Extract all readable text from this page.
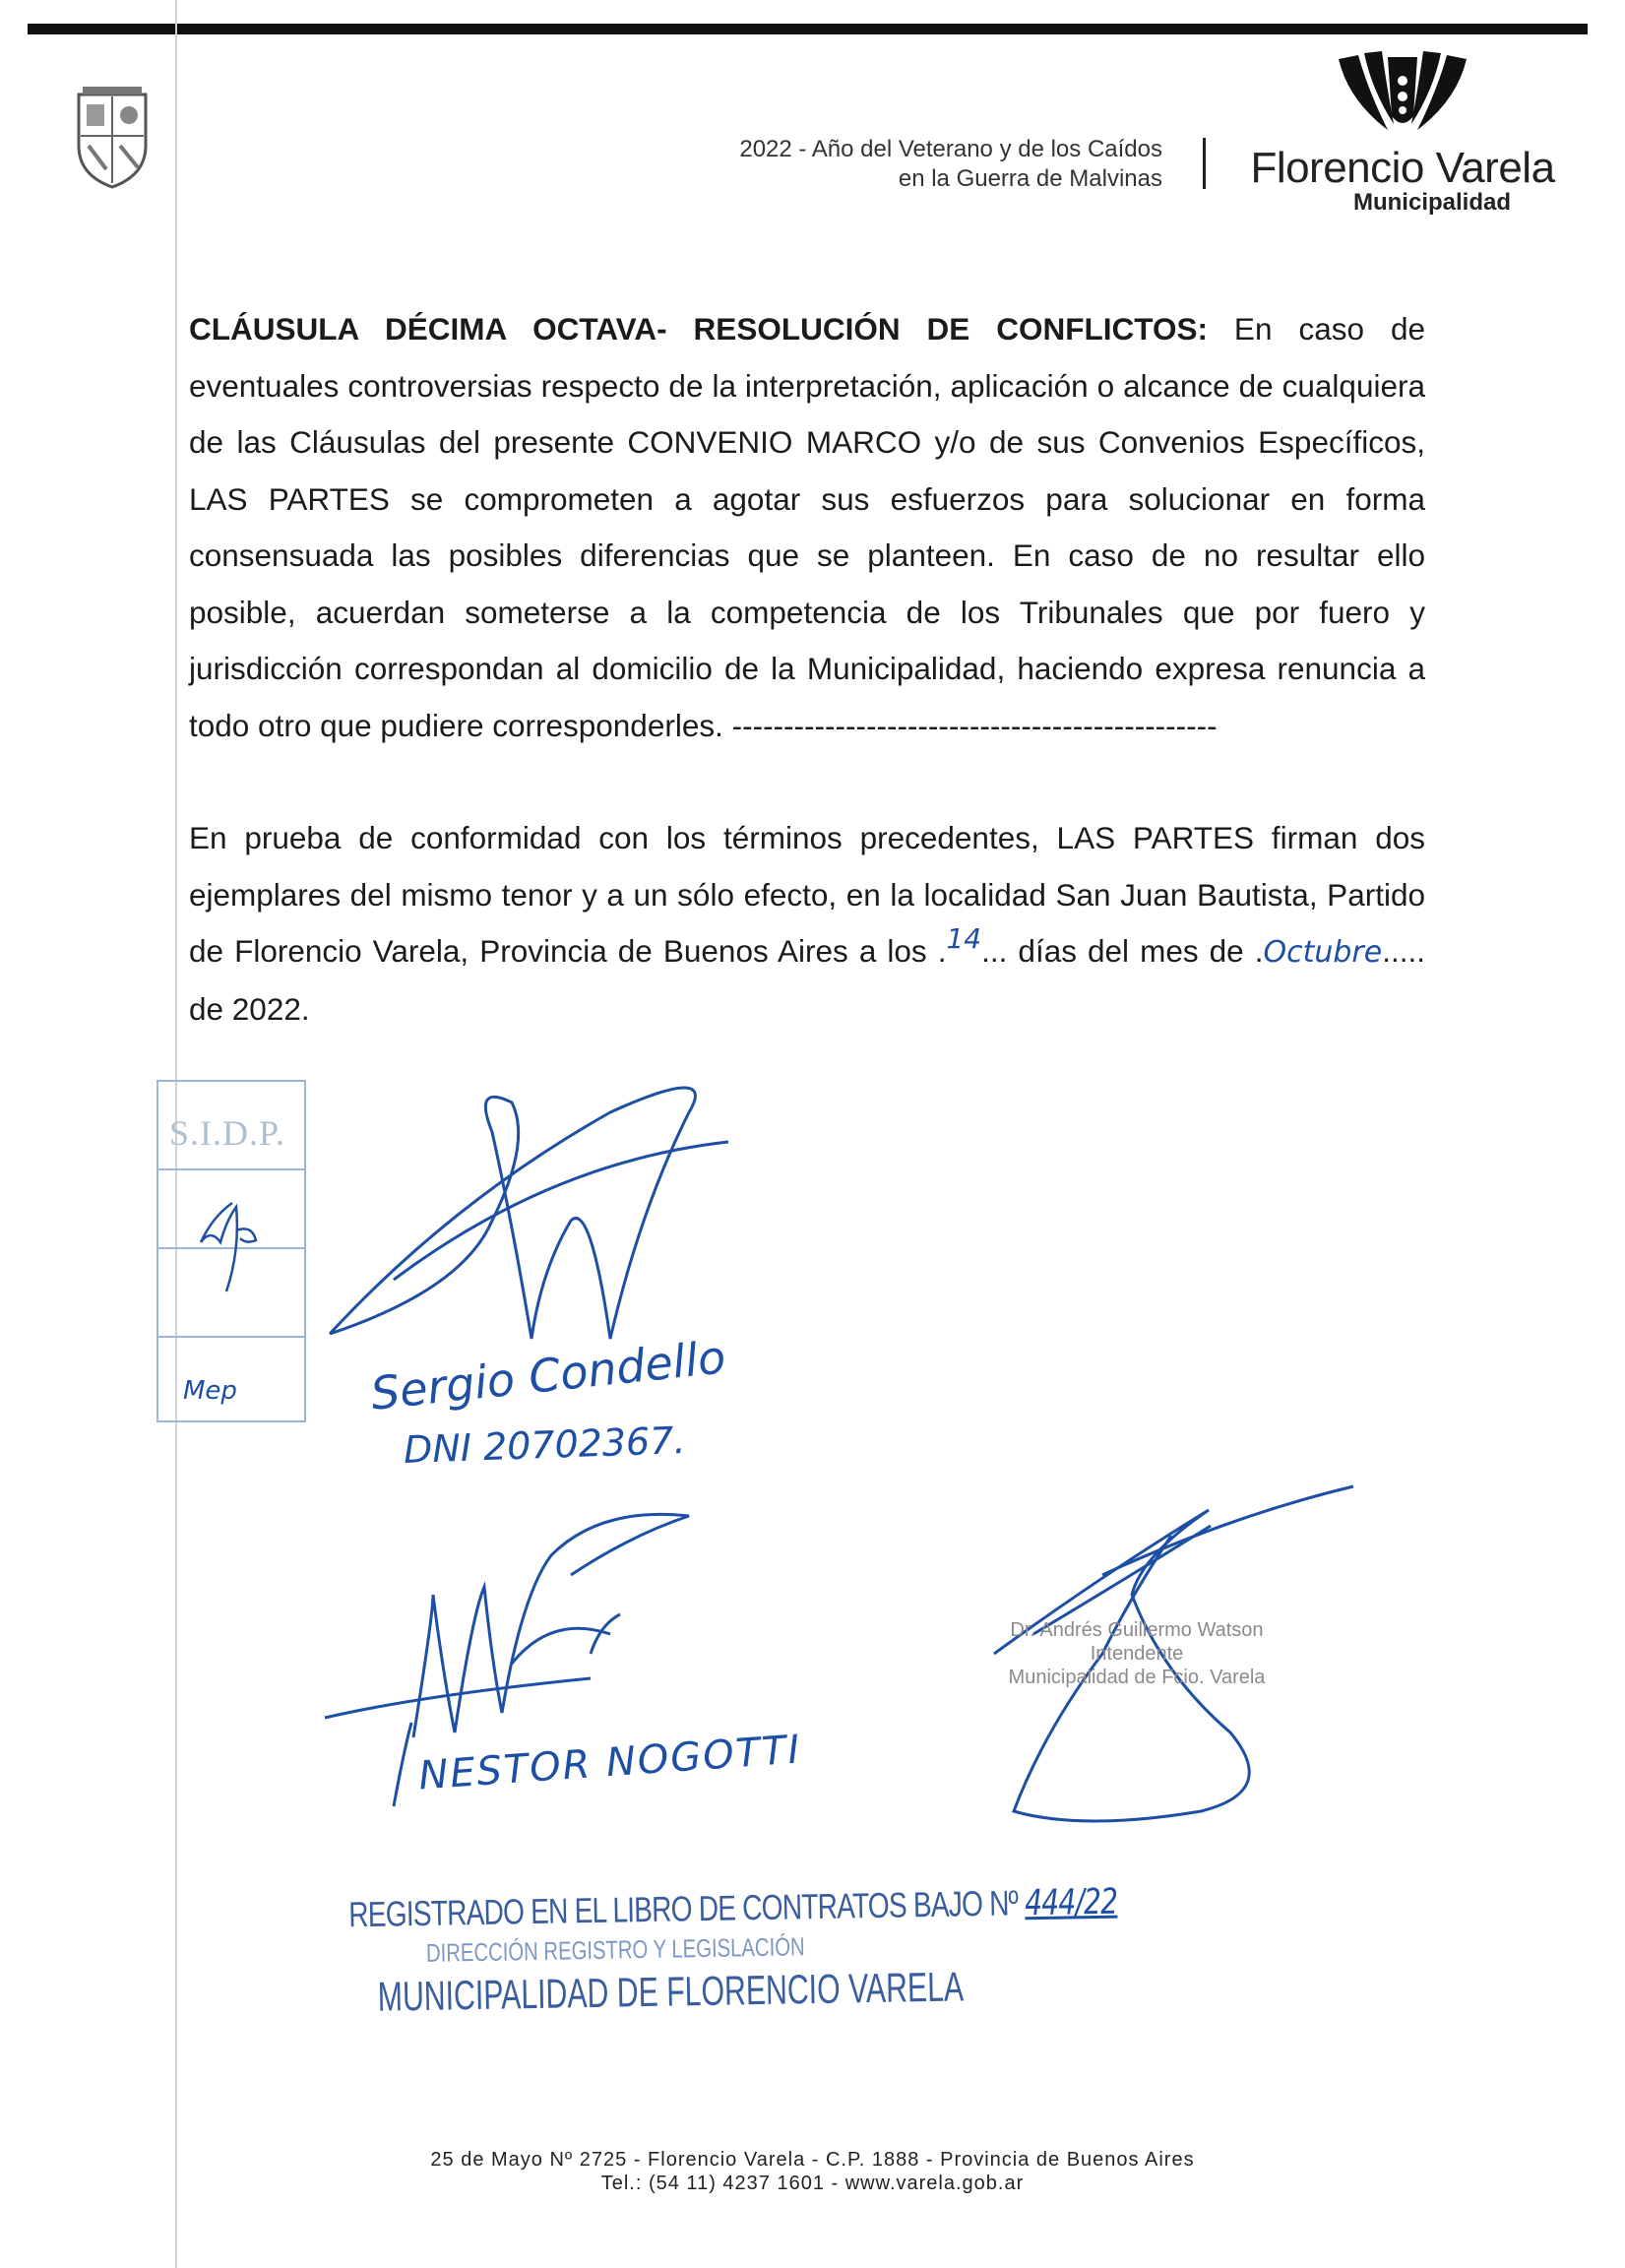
2022 - Año del Veterano y de los Caídos
en la Guerra de Malvinas Florencio Varela
Municipalidad

CLÁUSULA DÉCIMA OCTAVA- RESOLUCIÓN DE CONFLICTOS: En caso de eventuales controversias respecto de la interpretación, aplicación o alcance de cualquiera de las Cláusulas del presente CONVENIO MARCO y/o de sus Convenios Específicos, LAS PARTES se comprometen a agotar sus esfuerzos para solucionar en forma consensuada las posibles diferencias que se planteen. En caso de no resultar ello posible, acuerdan someterse a la competencia de los Tribunales que por fuero y jurisdicción correspondan al domicilio de la Municipalidad, haciendo expresa renuncia a todo otro que pudiere corresponderles. -----------------------------------------------

En prueba de conformidad con los términos precedentes, LAS PARTES firman dos ejemplares del mismo tenor y a un sólo efecto, en la localidad San Juan Bautista, Partido de Florencio Varela, Provincia de Buenos Aires a los .14... días del mes de .Octubre..... de 2022.

S.I.D.P.
Mep	Sergio Condello
DNI 20702367.
NESTOR NOGOTTI
Dr. Andrés Guillermo Watson
Intendente
Municipalidad de Fcio. Varela
REGISTRADO EN EL LIBRO DE CONTRATOS BAJO Nº 444/22
DIRECCIÓN REGISTRO Y LEGISLACIÓN
MUNICIPALIDAD DE FLORENCIO VARELA
25 de Mayo Nº 2725 - Florencio Varela - C.P. 1888 - Provincia de Buenos Aires
Tel.: (54 11) 4237 1601 - www.varela.gob.ar
